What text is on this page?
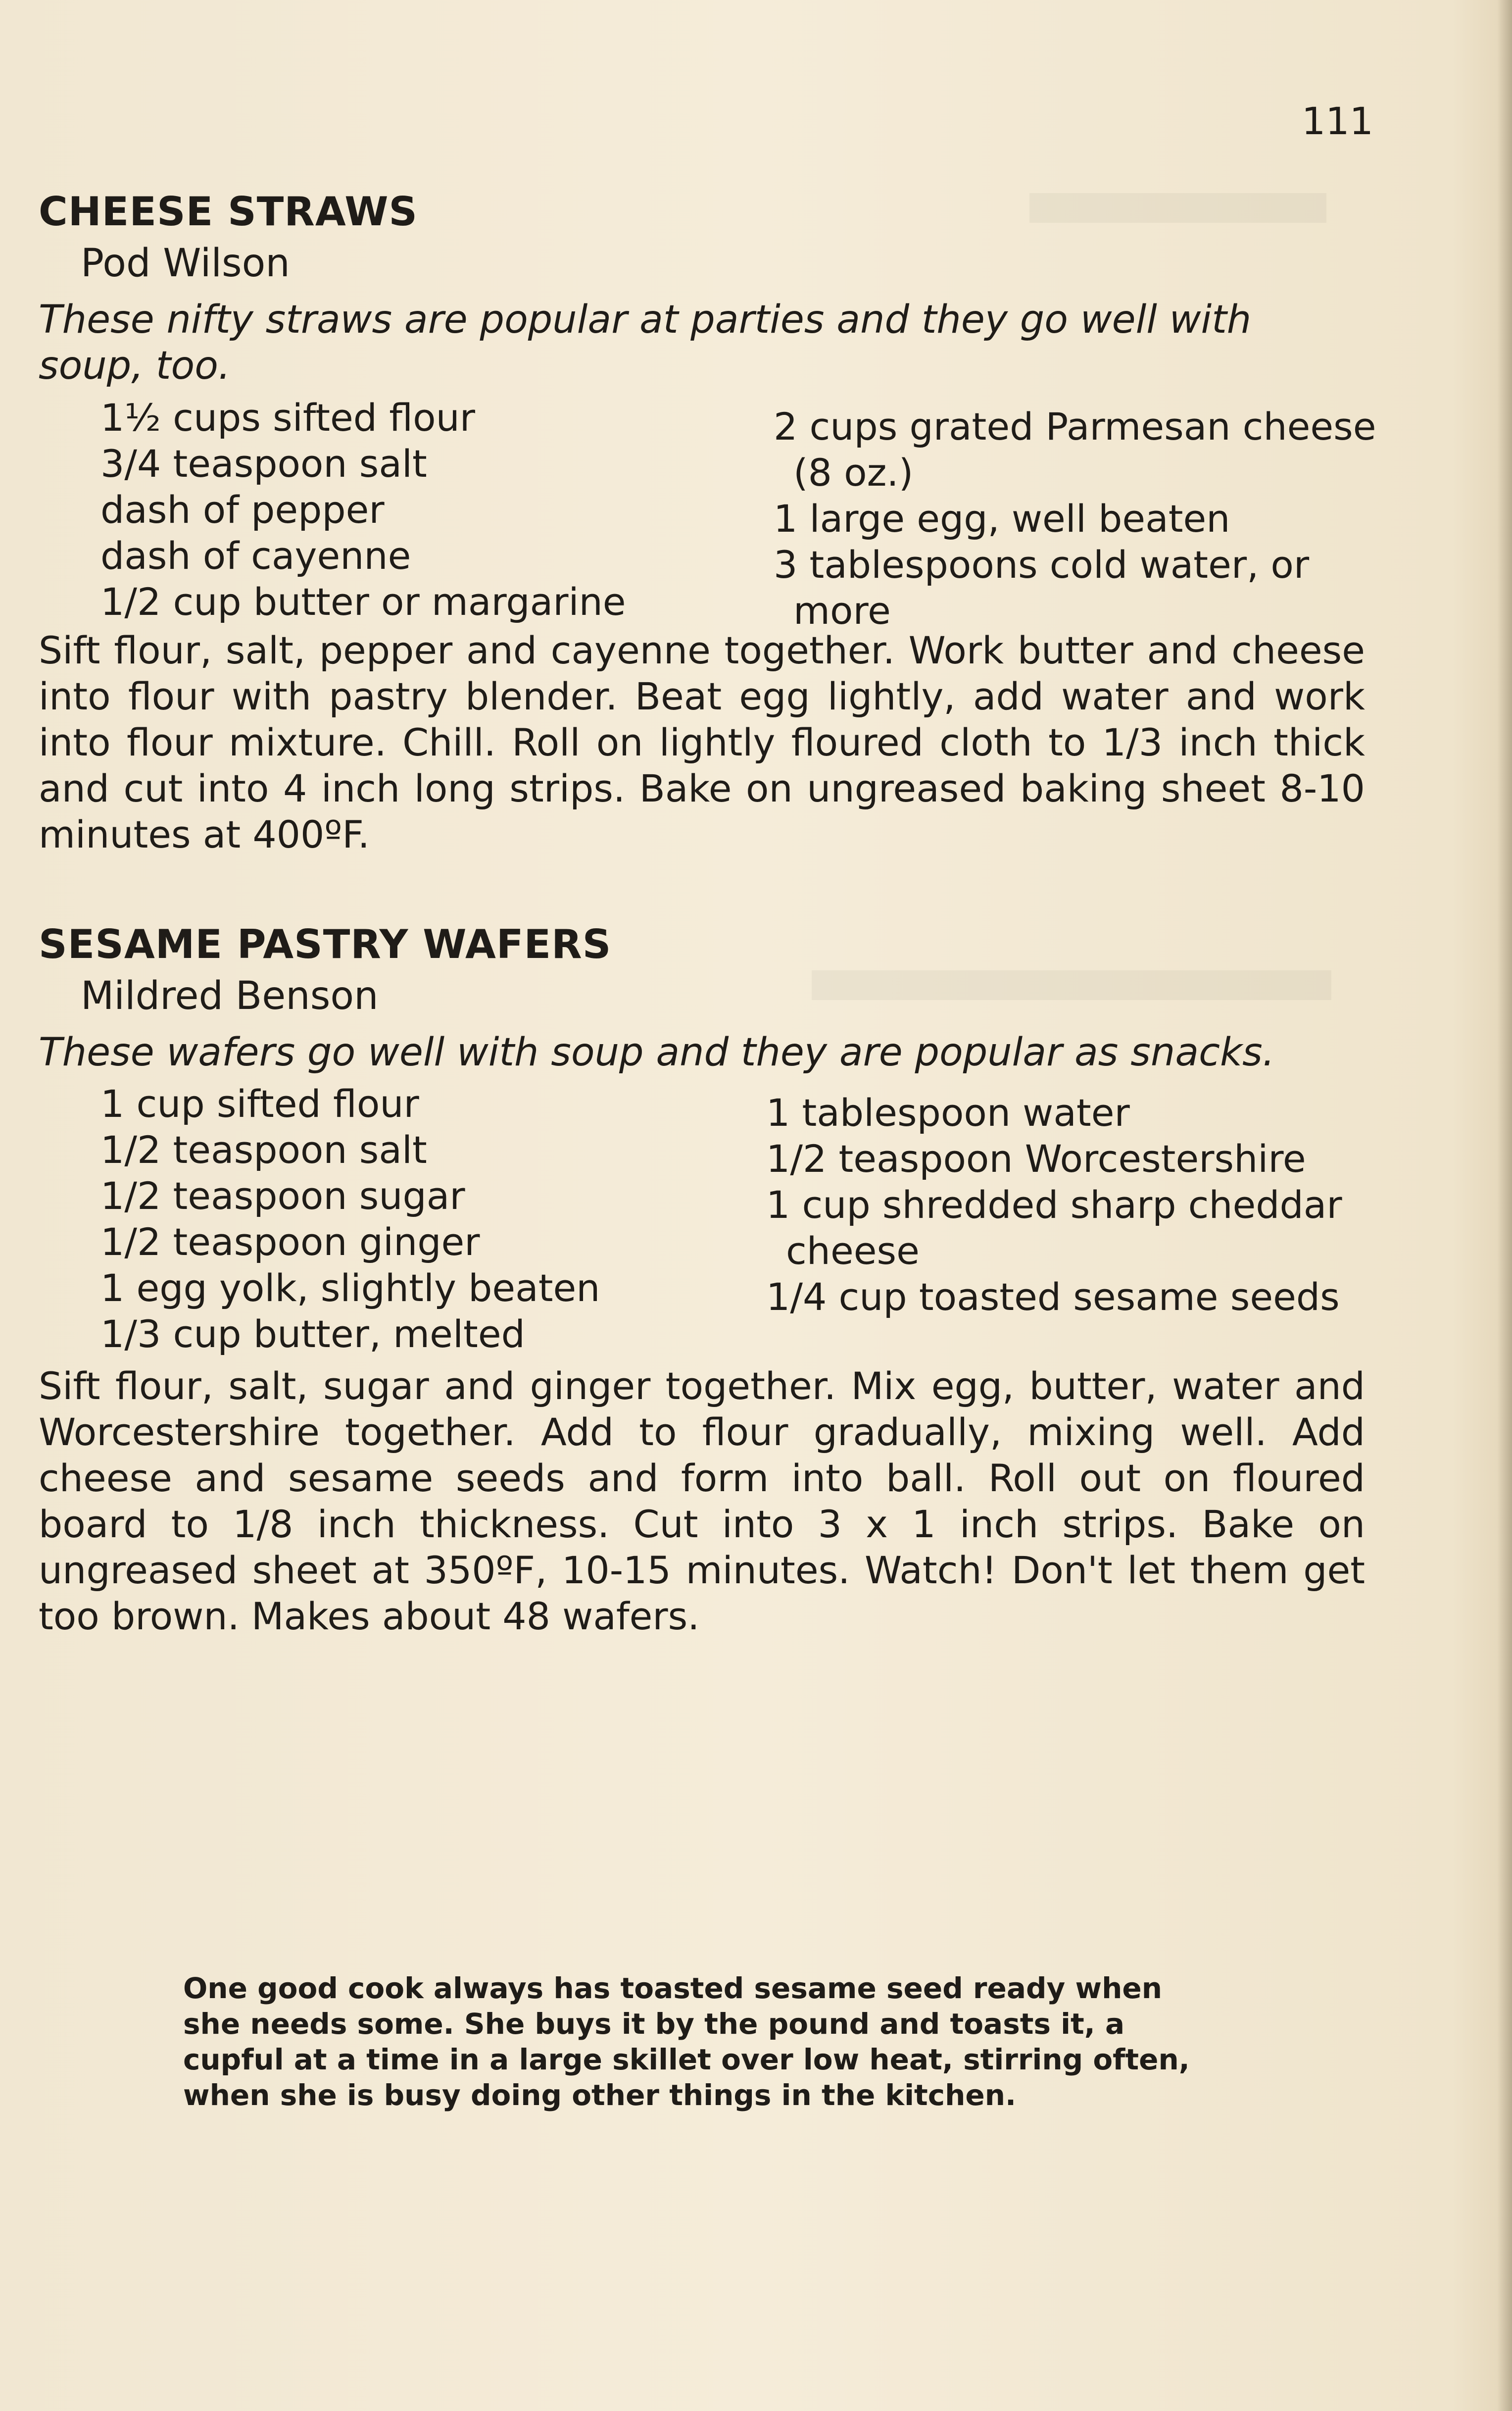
111
CHEESE STRAWS
Pod Wilson

These nifty straws are popular at parties and they go well with soup, too.

1½ cups sifted flour
3/4 teaspoon salt
dash of pepper
dash of cayenne
1/2 cup butter or margarine
2 cups grated Parmesan cheese (8 oz.)
1 large egg, well beaten
3 tablespoons cold water, or more

Sift flour, salt, pepper and cayenne together. Work butter and cheese into flour with pastry blender. Beat egg lightly, add water and work into flour mixture. Chill. Roll on lightly floured cloth to 1/3 inch thick and cut into 4 inch long strips. Bake on ungreased baking sheet 8-10 minutes at 400ºF.

SESAME PASTRY WAFERS
Mildred Benson

These wafers go well with soup and they are popular as snacks.

1 cup sifted flour
1/2 teaspoon salt
1/2 teaspoon sugar
1/2 teaspoon ginger
1 egg yolk, slightly beaten
1/3 cup butter, melted
1 tablespoon water
1/2 teaspoon Worcestershire
1 cup shredded sharp cheddar cheese
1/4 cup toasted sesame seeds

Sift flour, salt, sugar and ginger together. Mix egg, butter, water and Worcestershire together. Add to flour gradually, mixing well. Add cheese and sesame seeds and form into ball. Roll out on floured board to 1/8 inch thickness. Cut into 3 x 1 inch strips. Bake on ungreased sheet at 350ºF, 10-15 minutes. Watch! Don't let them get too brown. Makes about 48 wafers.

One good cook always has toasted sesame seed ready when she needs some. She buys it by the pound and toasts it, a cupful at a time in a large skillet over low heat, stirring often, when she is busy doing other things in the kitchen.
